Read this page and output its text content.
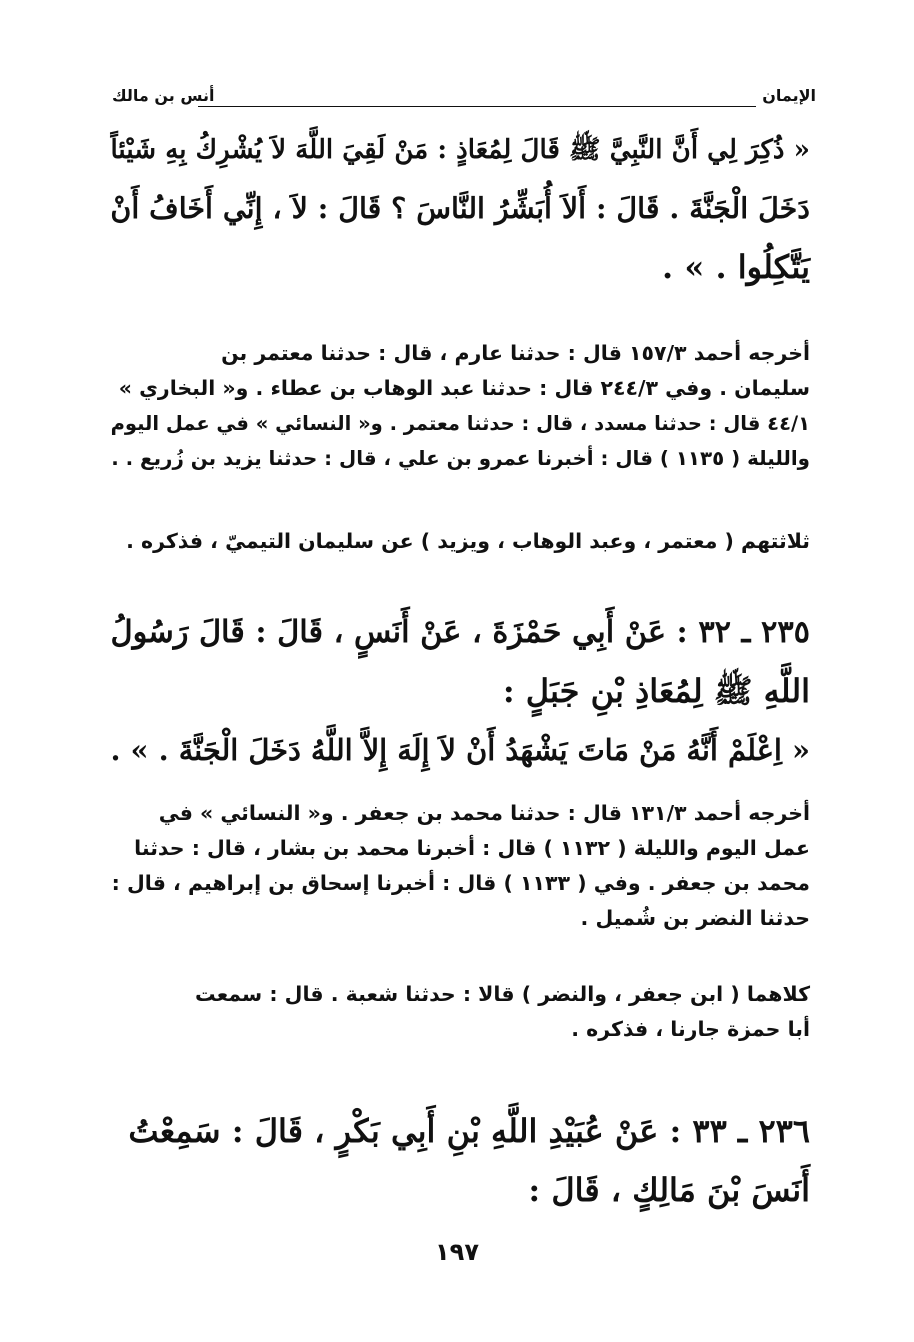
الإيمان
أنس بن مالك
« ذُكِرَ لِي أَنَّ النَّبِيَّ ﷺ قَالَ لِمُعَاذٍ : مَنْ لَقِيَ اللَّهَ لاَ يُشْرِكُ بِهِ شَيْئاً
دَخَلَ الْجَنَّةَ . قَالَ : أَلاَ أُبَشِّرُ النَّاسَ ؟ قَالَ : لاَ ، إِنِّي أَخَافُ أَنْ
يَتَّكِلُوا . » .
أخرجه أحمد ١٥٧/٣ قال : حدثنا عارم ، قال : حدثنا معتمر بن
سليمان . وفي ٢٤٤/٣ قال : حدثنا عبد الوهاب بن عطاء . و« البخاري »
٤٤/١ قال : حدثنا مسدد ، قال : حدثنا معتمر . و« النسائي » في عمل اليوم
والليلة ( ١١٣٥ ) قال : أخبرنا عمرو بن علي ، قال : حدثنا يزيد بن زُريع . .
ثلاثتهم ( معتمر ، وعبد الوهاب ، ويزيد ) عن سليمان التيميّ ، فذكره .
٢٣٥ ـ ٣٢ : عَنْ أَبِي حَمْزَةَ ، عَنْ أَنَسٍ ، قَالَ : قَالَ رَسُولُ
اللَّهِ ﷺ لِمُعَاذِ بْنِ جَبَلٍ :
« اِعْلَمْ أَنَّهُ مَنْ مَاتَ يَشْهَدُ أَنْ لاَ إِلَهَ إِلاَّ اللَّهُ دَخَلَ الْجَنَّةَ . » .
أخرجه أحمد ١٣١/٣ قال : حدثنا محمد بن جعفر . و« النسائي » في
عمل اليوم والليلة ( ١١٣٢ ) قال : أخبرنا محمد بن بشار ، قال : حدثنا
محمد بن جعفر . وفي ( ١١٣٣ ) قال : أخبرنا إسحاق بن إبراهيم ، قال :
حدثنا النضر بن شُميل .
كلاهما ( ابن جعفر ، والنضر ) قالا : حدثنا شعبة . قال : سمعت
أبا حمزة جارنا ، فذكره .
٢٣٦ ـ ٣٣ : عَنْ عُبَيْدِ اللَّهِ بْنِ أَبِي بَكْرٍ ، قَالَ : سَمِعْتُ
أَنَسَ بْنَ مَالِكٍ ، قَالَ :
١٩٧
